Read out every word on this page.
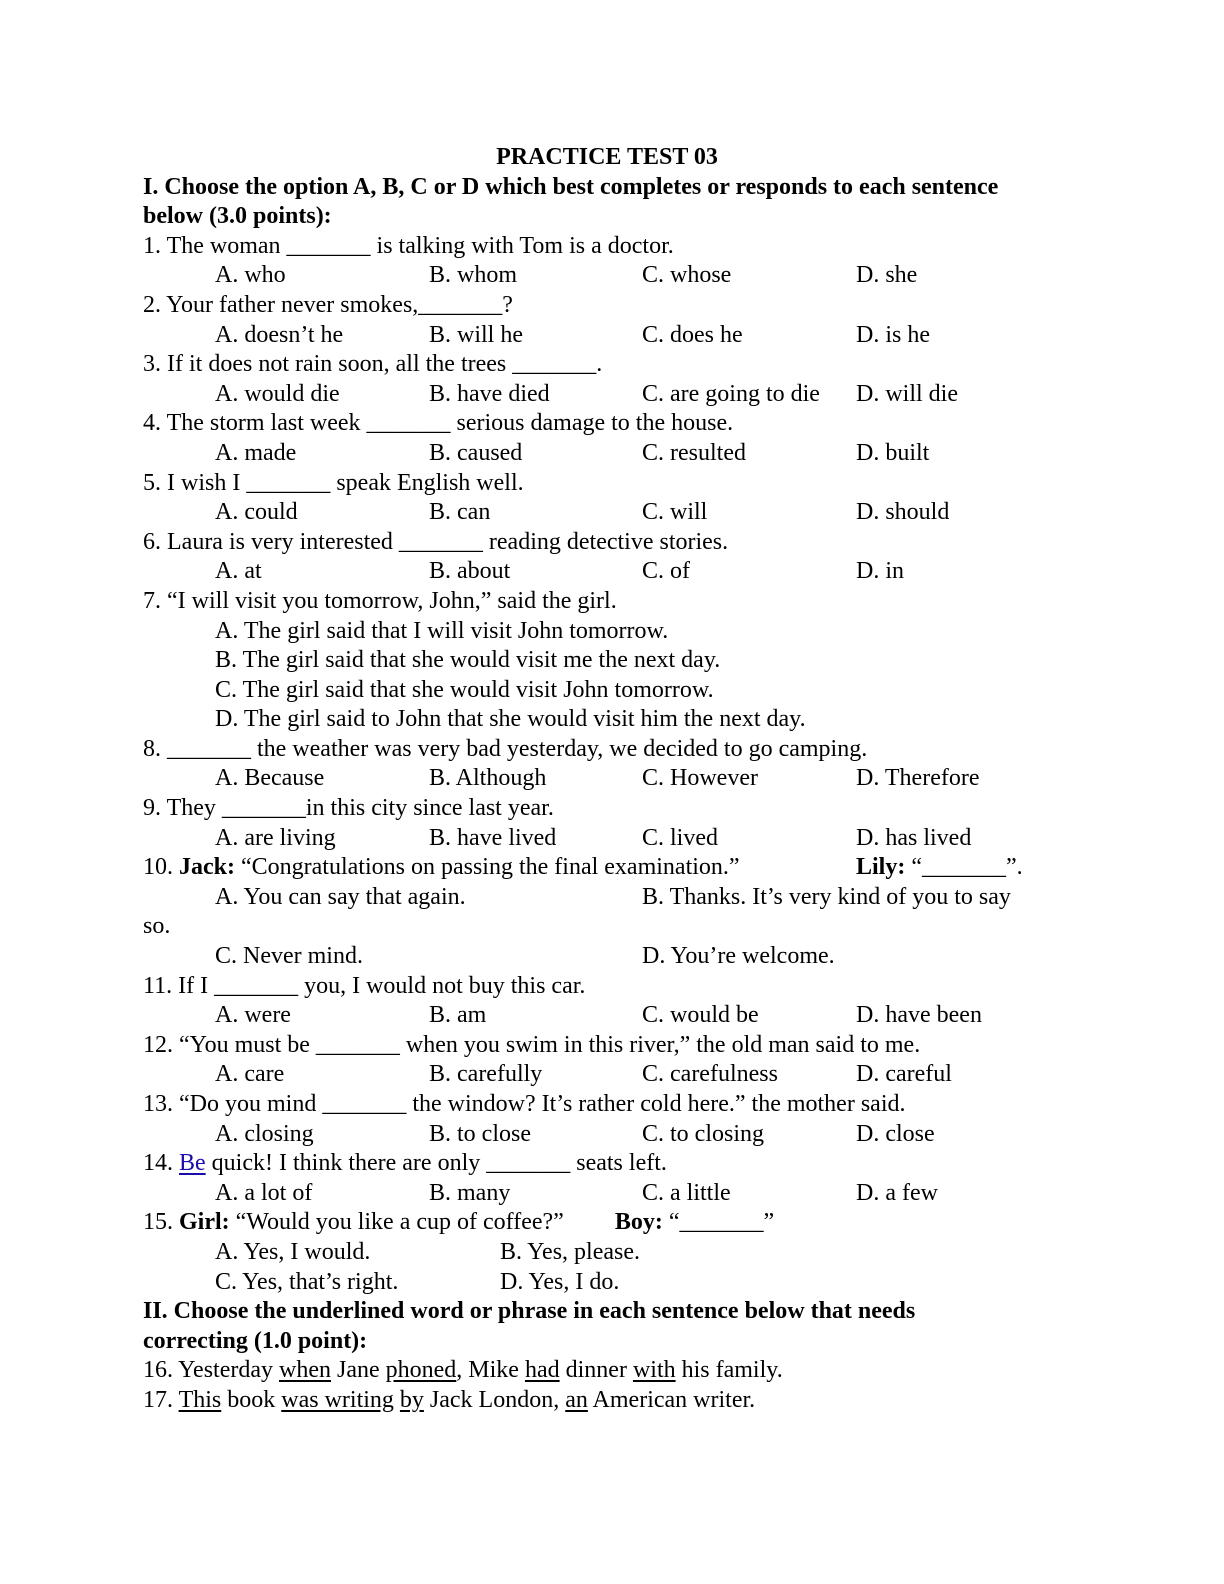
PRACTICE TEST 03
I. Choose the option A, B, C or D which best completes or responds to each sentence
below (3.0 points):
1. The woman _______ is talking with Tom is a doctor.
A. who	B. whom	C. whose	D. she
2. Your father never smokes,_______?
A. doesn’t he	B. will he	C. does he	D. is he
3. If it does not rain soon, all the trees _______.
A. would die	B. have died	C. are going to die D. will die
4. The storm last week _______ serious damage to the house.
A. made	B. caused	C. resulted	D. built
5. I wish I _______ speak English well.
A. could	B. can	C. will	D. should
6. Laura is very interested _______ reading detective stories.
A. at	B. about	C. of	D. in
7. “I will visit you tomorrow, John,” said the girl.
A. The girl said that I will visit John tomorrow.
B. The girl said that she would visit me the next day.
C. The girl said that she would visit John tomorrow.
D. The girl said to John that she would visit him the next day.
8. _______ the weather was very bad yesterday, we decided to go camping.
A. Because	B. Although	C. However	D. Therefore
9. They _______in this city since last year.
A. are living	B. have lived	C. lived	D. has lived
10. Jack: “Congratulations on passing the final examination.”	Lily: “_______”.
A. You can say that again.	B. Thanks. It’s very kind of you to say
so.
C. Never mind.	D. You’re welcome.
11. If I _______ you, I would not buy this car.
A. were	B. am	C. would be	D. have been
12. “You must be _______ when you swim in this river,” the old man said to me.
A. care	B. carefully	C. carefulness	D. careful
13. “Do you mind _______ the window? It’s rather cold here.” the mother said.
A. closing	B. to close	C. to closing	D. close
14. Be quick! I think there are only _______ seats left.
A. a lot of	B. many	C. a little	D. a few
15. Girl: “Would you like a cup of coffee?” Boy: “_______”
A. Yes, I would.	B. Yes, please.
C. Yes, that’s right.	D. Yes, I do.
II. Choose the underlined word or phrase in each sentence below that needs
correcting (1.0 point):
16. Yesterday when Jane phoned, Mike had dinner with his family.
17. This book was writing by Jack London, an American writer.
